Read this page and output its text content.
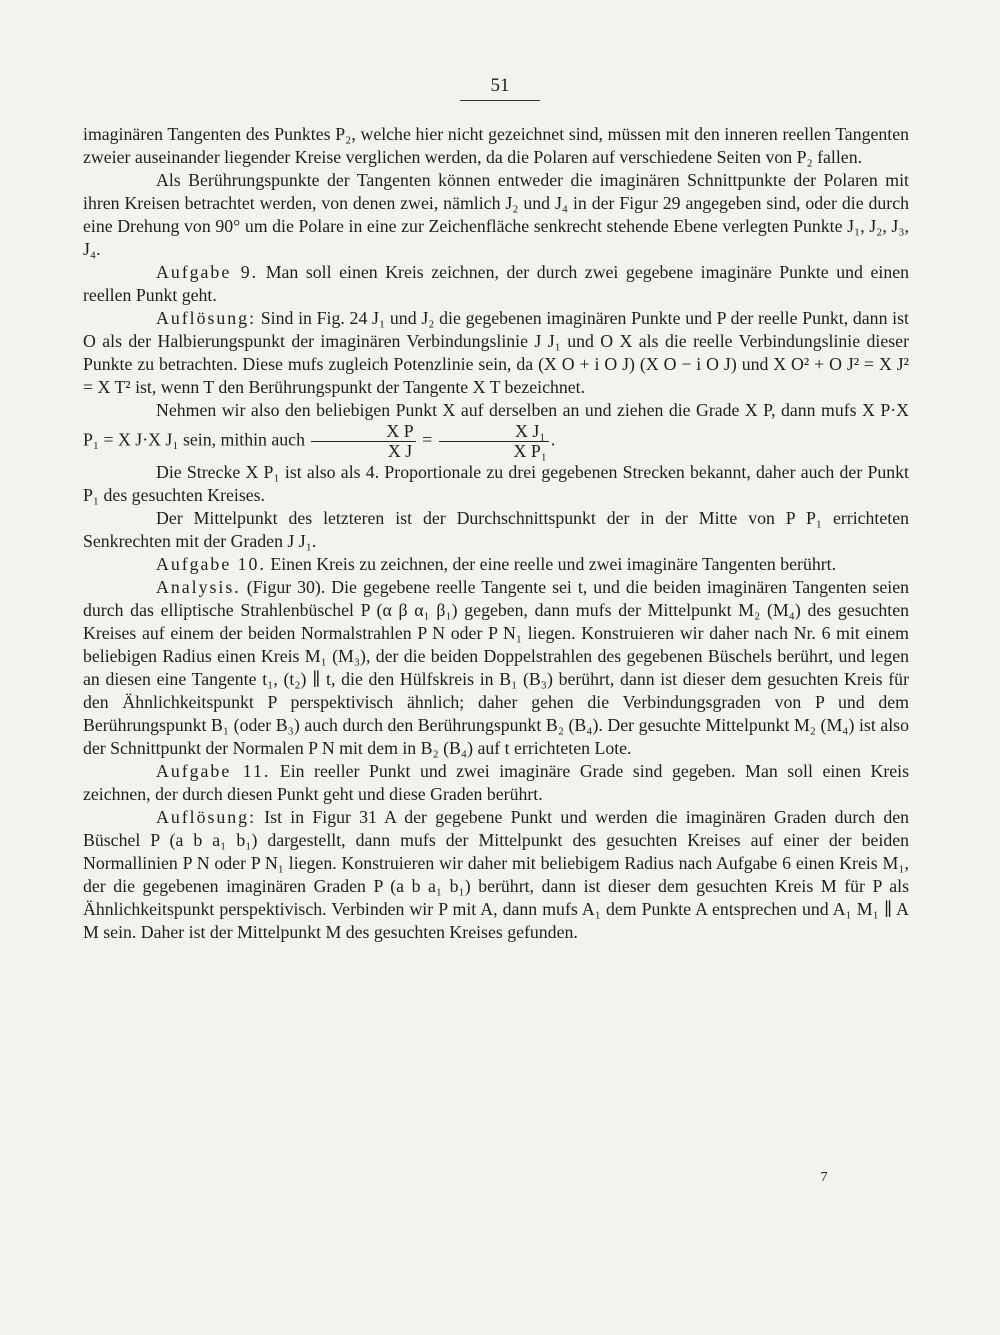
51

imaginären Tangenten des Punktes P₂, welche hier nicht gezeichnet sind, müssen mit den inneren reellen Tangenten zweier auseinander liegender Kreise verglichen werden, da die Polaren auf verschiedene Seiten von P₂ fallen.

Als Berührungspunkte der Tangenten können entweder die imaginären Schnittpunkte der Polaren mit ihren Kreisen betrachtet werden, von denen zwei, nämlich J₂ und J₄ in der Figur 29 angegeben sind, oder die durch eine Drehung von 90° um die Polare in eine zur Zeichenfläche senkrecht stehende Ebene verlegten Punkte J₁, J₂, J₃, J₄.

Aufgabe 9. Man soll einen Kreis zeichnen, der durch zwei gegebene imaginäre Punkte und einen reellen Punkt geht.

Auflösung: Sind in Fig. 24 J₁ und J₂ die gegebenen imaginären Punkte und P der reelle Punkt, dann ist O als der Halbierungspunkt der imaginären Verbindungslinie J J₁ und O X als die reelle Verbindungslinie dieser Punkte zu betrachten. Diese mufs zugleich Potenzlinie sein, da (X O + i O J) (X O − i O J) und X O² + O J² = X J² = X T² ist, wenn T den Berührungspunkt der Tangente X T bezeichnet.

Nehmen wir also den beliebigen Punkt X auf derselben an und ziehen die Grade X P, dann mufs X P·X P₁ = X J·X J₁ sein, mithin auch $\frac{\text{X P}}{\text{X J}} = \frac{\text{X J₁}}{\text{X P₁}}$ .

Die Strecke X P₁ ist also als 4. Proportionale zu drei gegebenen Strecken bekannt, daher auch der Punkt P₁ des gesuchten Kreises.

Der Mittelpunkt des letzteren ist der Durchschnittspunkt der in der Mitte von P P₁ errichteten Senkrechten mit der Graden J J₁.

Aufgabe 10. Einen Kreis zu zeichnen, der eine reelle und zwei imaginäre Tangenten berührt.

Analysis. (Figur 30). Die gegebene reelle Tangente sei t, und die beiden imaginären Tangenten seien durch das elliptische Strahlenbüschel P (α β α₁ β₁) gegeben, dann mufs der Mittelpunkt M₂ (M₄) des gesuchten Kreises auf einem der beiden Normalstrahlen P N oder P N₁ liegen. Konstruieren wir daher nach Nr. 6 mit einem beliebigen Radius einen Kreis M₁ (M₃), der die beiden Doppelstrahlen des gegebenen Büschels berührt, und legen an diesen eine Tangente t₁, (t₂) ∥ t, die den Hülfskreis in B₁ (B₃) berührt, dann ist dieser dem gesuchten Kreis für den Ähnlichkeitspunkt P perspektivisch ähnlich; daher gehen die Verbindungsgraden von P und dem Berührungspunkt B₁ (oder B₃) auch durch den Berührungspunkt B₂ (B₄). Der gesuchte Mittelpunkt M₂ (M₄) ist also der Schnittpunkt der Normalen P N mit dem in B₂ (B₄) auf t errichteten Lote.

Aufgabe 11. Ein reeller Punkt und zwei imaginäre Grade sind gegeben. Man soll einen Kreis zeichnen, der durch diesen Punkt geht und diese Graden berührt.

Auflösung: Ist in Figur 31 A der gegebene Punkt und werden die imaginären Graden durch den Büschel P (a b a₁ b₁) dargestellt, dann mufs der Mittelpunkt des gesuchten Kreises auf einer der beiden Normallinien P N oder P N₁ liegen. Konstruieren wir daher mit beliebigem Radius nach Aufgabe 6 einen Kreis M₁, der die gegebenen imaginären Graden P (a b a₁ b₁) berührt, dann ist dieser dem gesuchten Kreis M für P als Ähnlichkeitspunkt perspektivisch. Verbinden wir P mit A, dann mufs A₁ dem Punkte A entsprechen und A₁ M₁ ∥ A M sein. Daher ist der Mittelpunkt M des gesuchten Kreises gefunden.

7
